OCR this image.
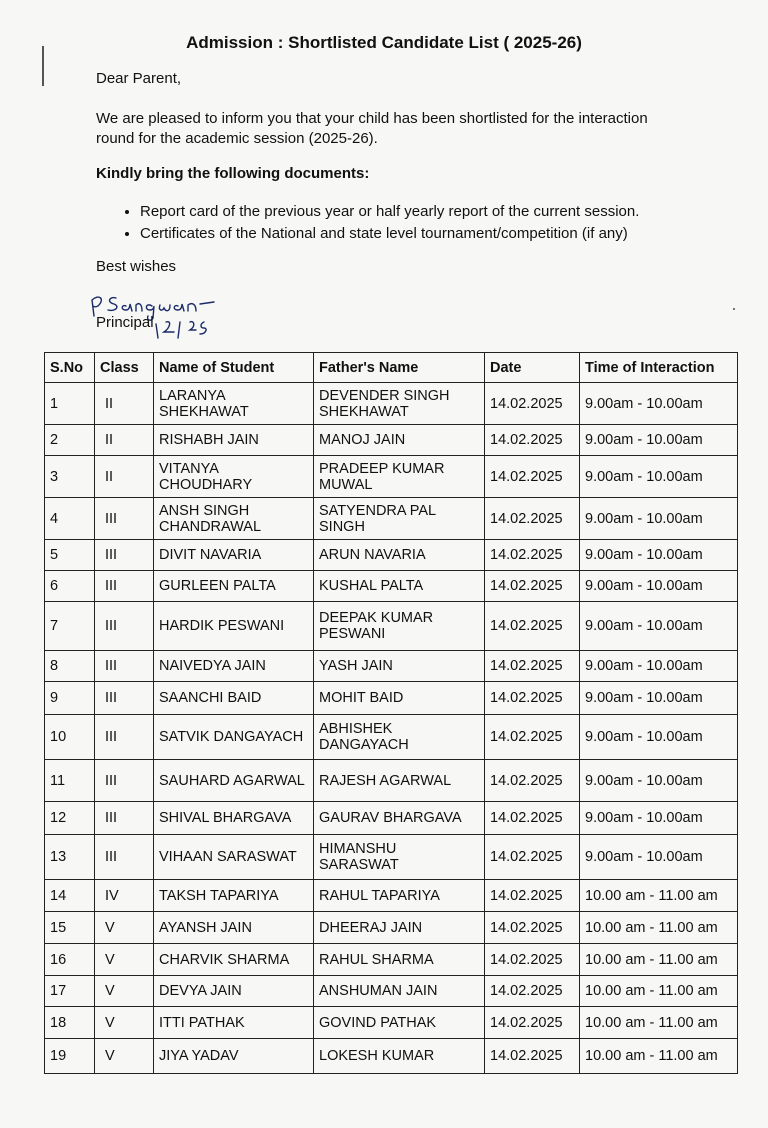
Admission : Shortlisted Candidate List ( 2025-26)
Dear Parent,
We are pleased to inform you that your child has been shortlisted for the interaction
round for the academic session (2025-26).
Kindly bring the following documents:
• Report card of the previous year or half yearly report of the current session.
• Certificates of the National and state level tournament/competition (if any)
Best wishes
Principal
S.No	Class	Name of Student	Father's Name	Date	Time of Interaction
1	II	LARANYA SHEKHAWAT	DEVENDER SINGH SHEKHAWAT	14.02.2025	9.00am - 10.00am
2	II	RISHABH JAIN	MANOJ JAIN	14.02.2025	9.00am - 10.00am
3	II	VITANYA CHOUDHARY	PRADEEP KUMAR MUWAL	14.02.2025	9.00am - 10.00am
4	III	ANSH SINGH CHANDRAWAL	SATYENDRA PAL SINGH	14.02.2025	9.00am - 10.00am
5	III	DIVIT NAVARIA	ARUN NAVARIA	14.02.2025	9.00am - 10.00am
6	III	GURLEEN PALTA	KUSHAL PALTA	14.02.2025	9.00am - 10.00am
7	III	HARDIK PESWANI	DEEPAK KUMAR PESWANI	14.02.2025	9.00am - 10.00am
8	III	NAIVEDYA JAIN	YASH JAIN	14.02.2025	9.00am - 10.00am
9	III	SAANCHI BAID	MOHIT BAID	14.02.2025	9.00am - 10.00am
10	III	SATVIK DANGAYACH	ABHISHEK DANGAYACH	14.02.2025	9.00am - 10.00am
11	III	SAUHARD AGARWAL	RAJESH AGARWAL	14.02.2025	9.00am - 10.00am
12	III	SHIVAL BHARGAVA	GAURAV BHARGAVA	14.02.2025	9.00am - 10.00am
13	III	VIHAAN SARASWAT	HIMANSHU SARASWAT	14.02.2025	9.00am - 10.00am
14	IV	TAKSH TAPARIYA	RAHUL TAPARIYA	14.02.2025	10.00 am - 11.00 am
15	V	AYANSH JAIN	DHEERAJ JAIN	14.02.2025	10.00 am - 11.00 am
16	V	CHARVIK SHARMA	RAHUL SHARMA	14.02.2025	10.00 am - 11.00 am
17	V	DEVYA JAIN	ANSHUMAN JAIN	14.02.2025	10.00 am - 11.00 am
18	V	ITTI PATHAK	GOVIND PATHAK	14.02.2025	10.00 am - 11.00 am
19	V	JIYA YADAV	LOKESH KUMAR	14.02.2025	10.00 am - 11.00 am
